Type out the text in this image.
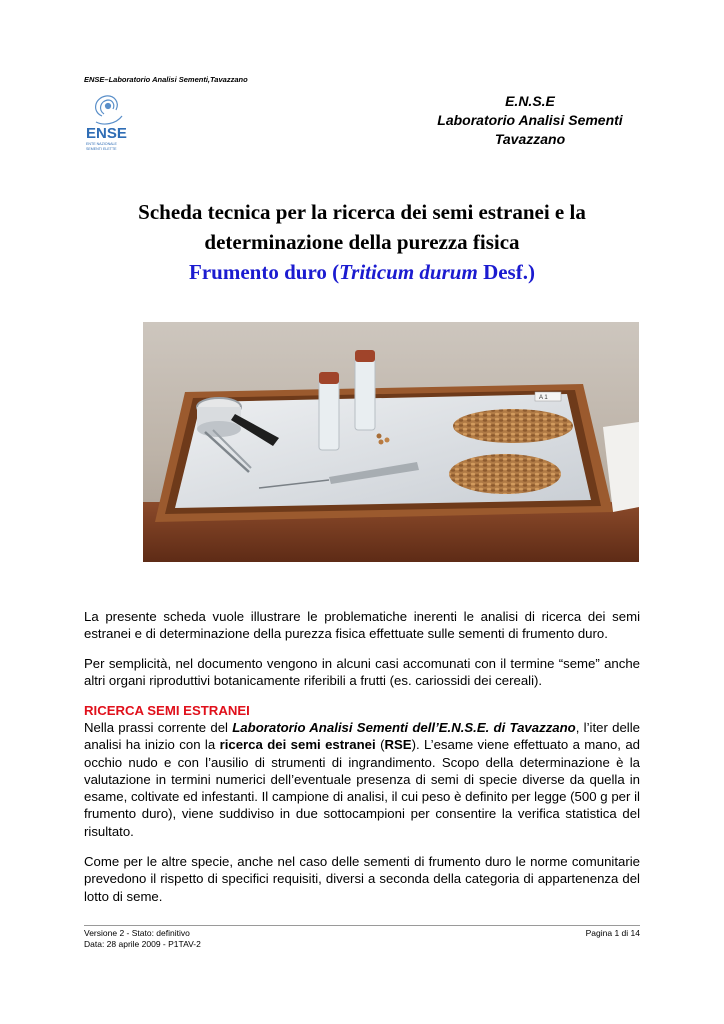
ENSE–Laboratorio Analisi Sementi,Tavazzano
ENSE
ENTE NAZIONALE
SEMENTI ELETTE
E.N.S.E
Laboratorio Analisi Sementi
Tavazzano
Scheda tecnica per la ricerca dei semi estranei e la
determinazione della purezza fisica
Frumento duro (Triticum durum Desf.)
A 1
La presente scheda vuole illustrare le problematiche inerenti le analisi di ricerca dei semi estranei e di determinazione della purezza fisica effettuate sulle sementi di frumento duro.
Per semplicità, nel documento vengono in alcuni casi accomunati con il termine “seme” anche altri organi riproduttivi botanicamente riferibili a frutti (es. cariossidi dei cereali).
RICERCA SEMI ESTRANEI
Nella prassi corrente del Laboratorio Analisi Sementi dell’E.N.S.E. di Tavazzano, l’iter delle analisi ha inizio con la ricerca dei semi estranei (RSE). L’esame viene effettuato a mano, ad occhio nudo e con l’ausilio di strumenti di ingrandimento. Scopo della determinazione è la valutazione in termini numerici dell’eventuale presenza di semi di specie diverse da quella in esame, coltivate ed infestanti. Il campione di analisi, il cui peso è definito per legge (500 g per il frumento duro), viene suddiviso in due sottocampioni per consentire la verifica statistica del risultato.
Come per le altre specie, anche nel caso delle sementi di frumento duro le norme comunitarie prevedono il rispetto di specifici requisiti, diversi a seconda della categoria di appartenenza del lotto di seme.
Versione 2 - Stato: definitivo
Data: 28 aprile 2009 - P1TAV-2
Pagina 1 di 14
